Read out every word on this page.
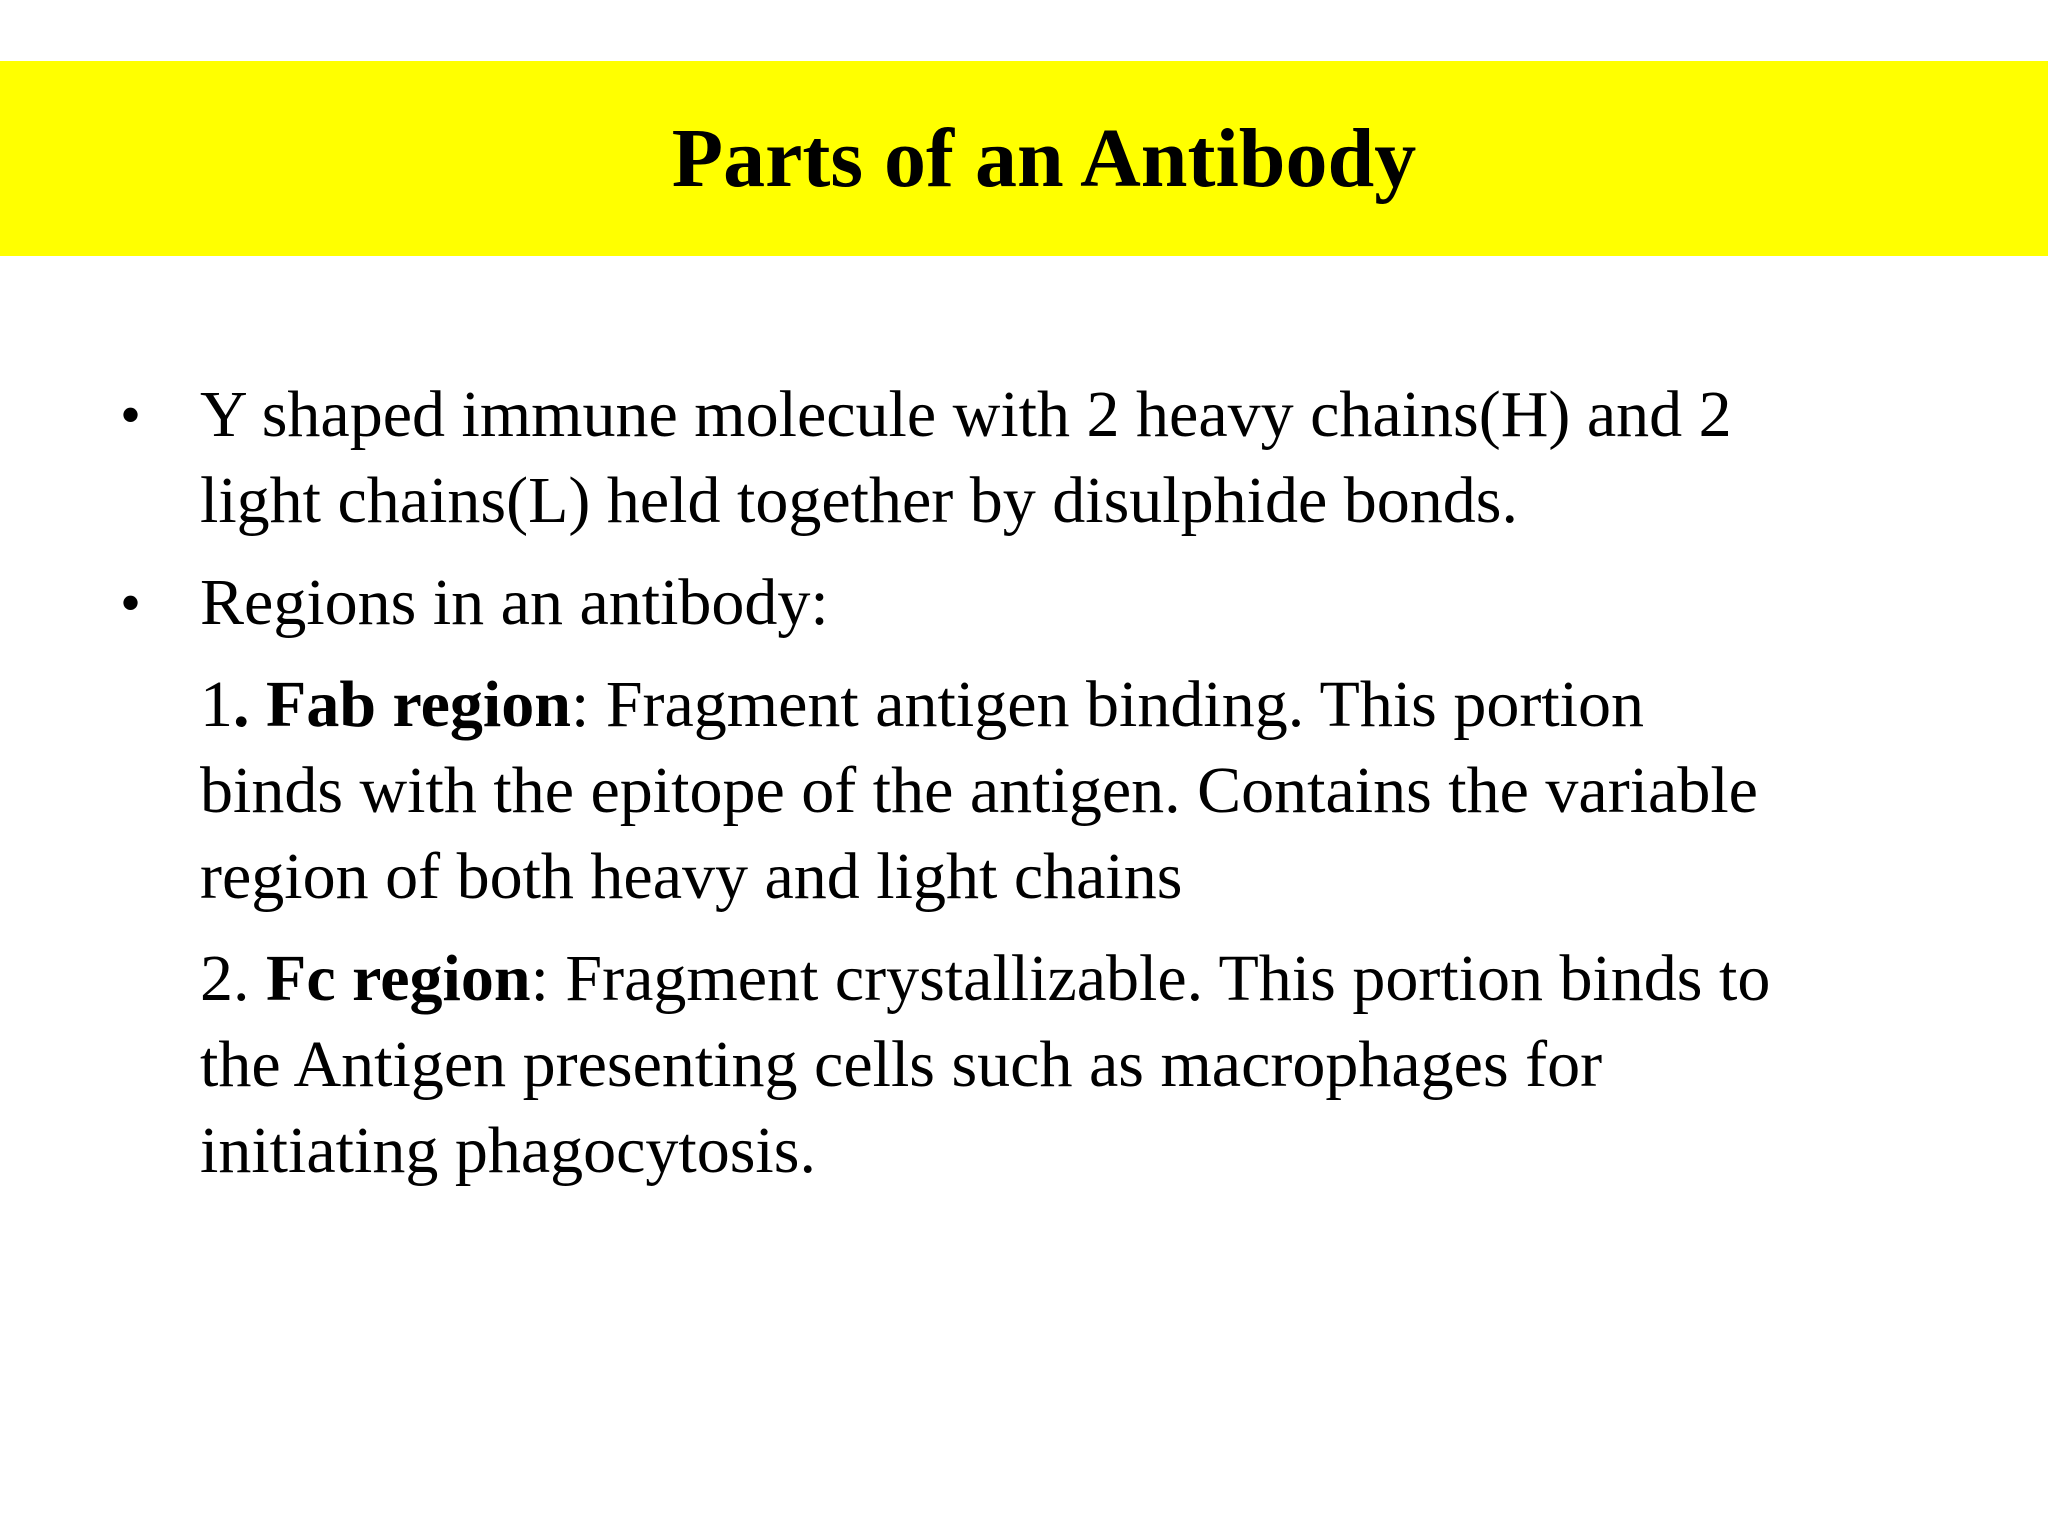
Parts of an Antibody
• Y shaped immune molecule with 2 heavy chains(H) and 2
light chains(L) held together by disulphide bonds.
• Regions in an antibody:
1. Fab region: Fragment antigen binding. This portion
binds with the epitope of the antigen. Contains the variable
region of both heavy and light chains
2. Fc region: Fragment crystallizable. This portion binds to
the Antigen presenting cells such as macrophages for
initiating phagocytosis.
